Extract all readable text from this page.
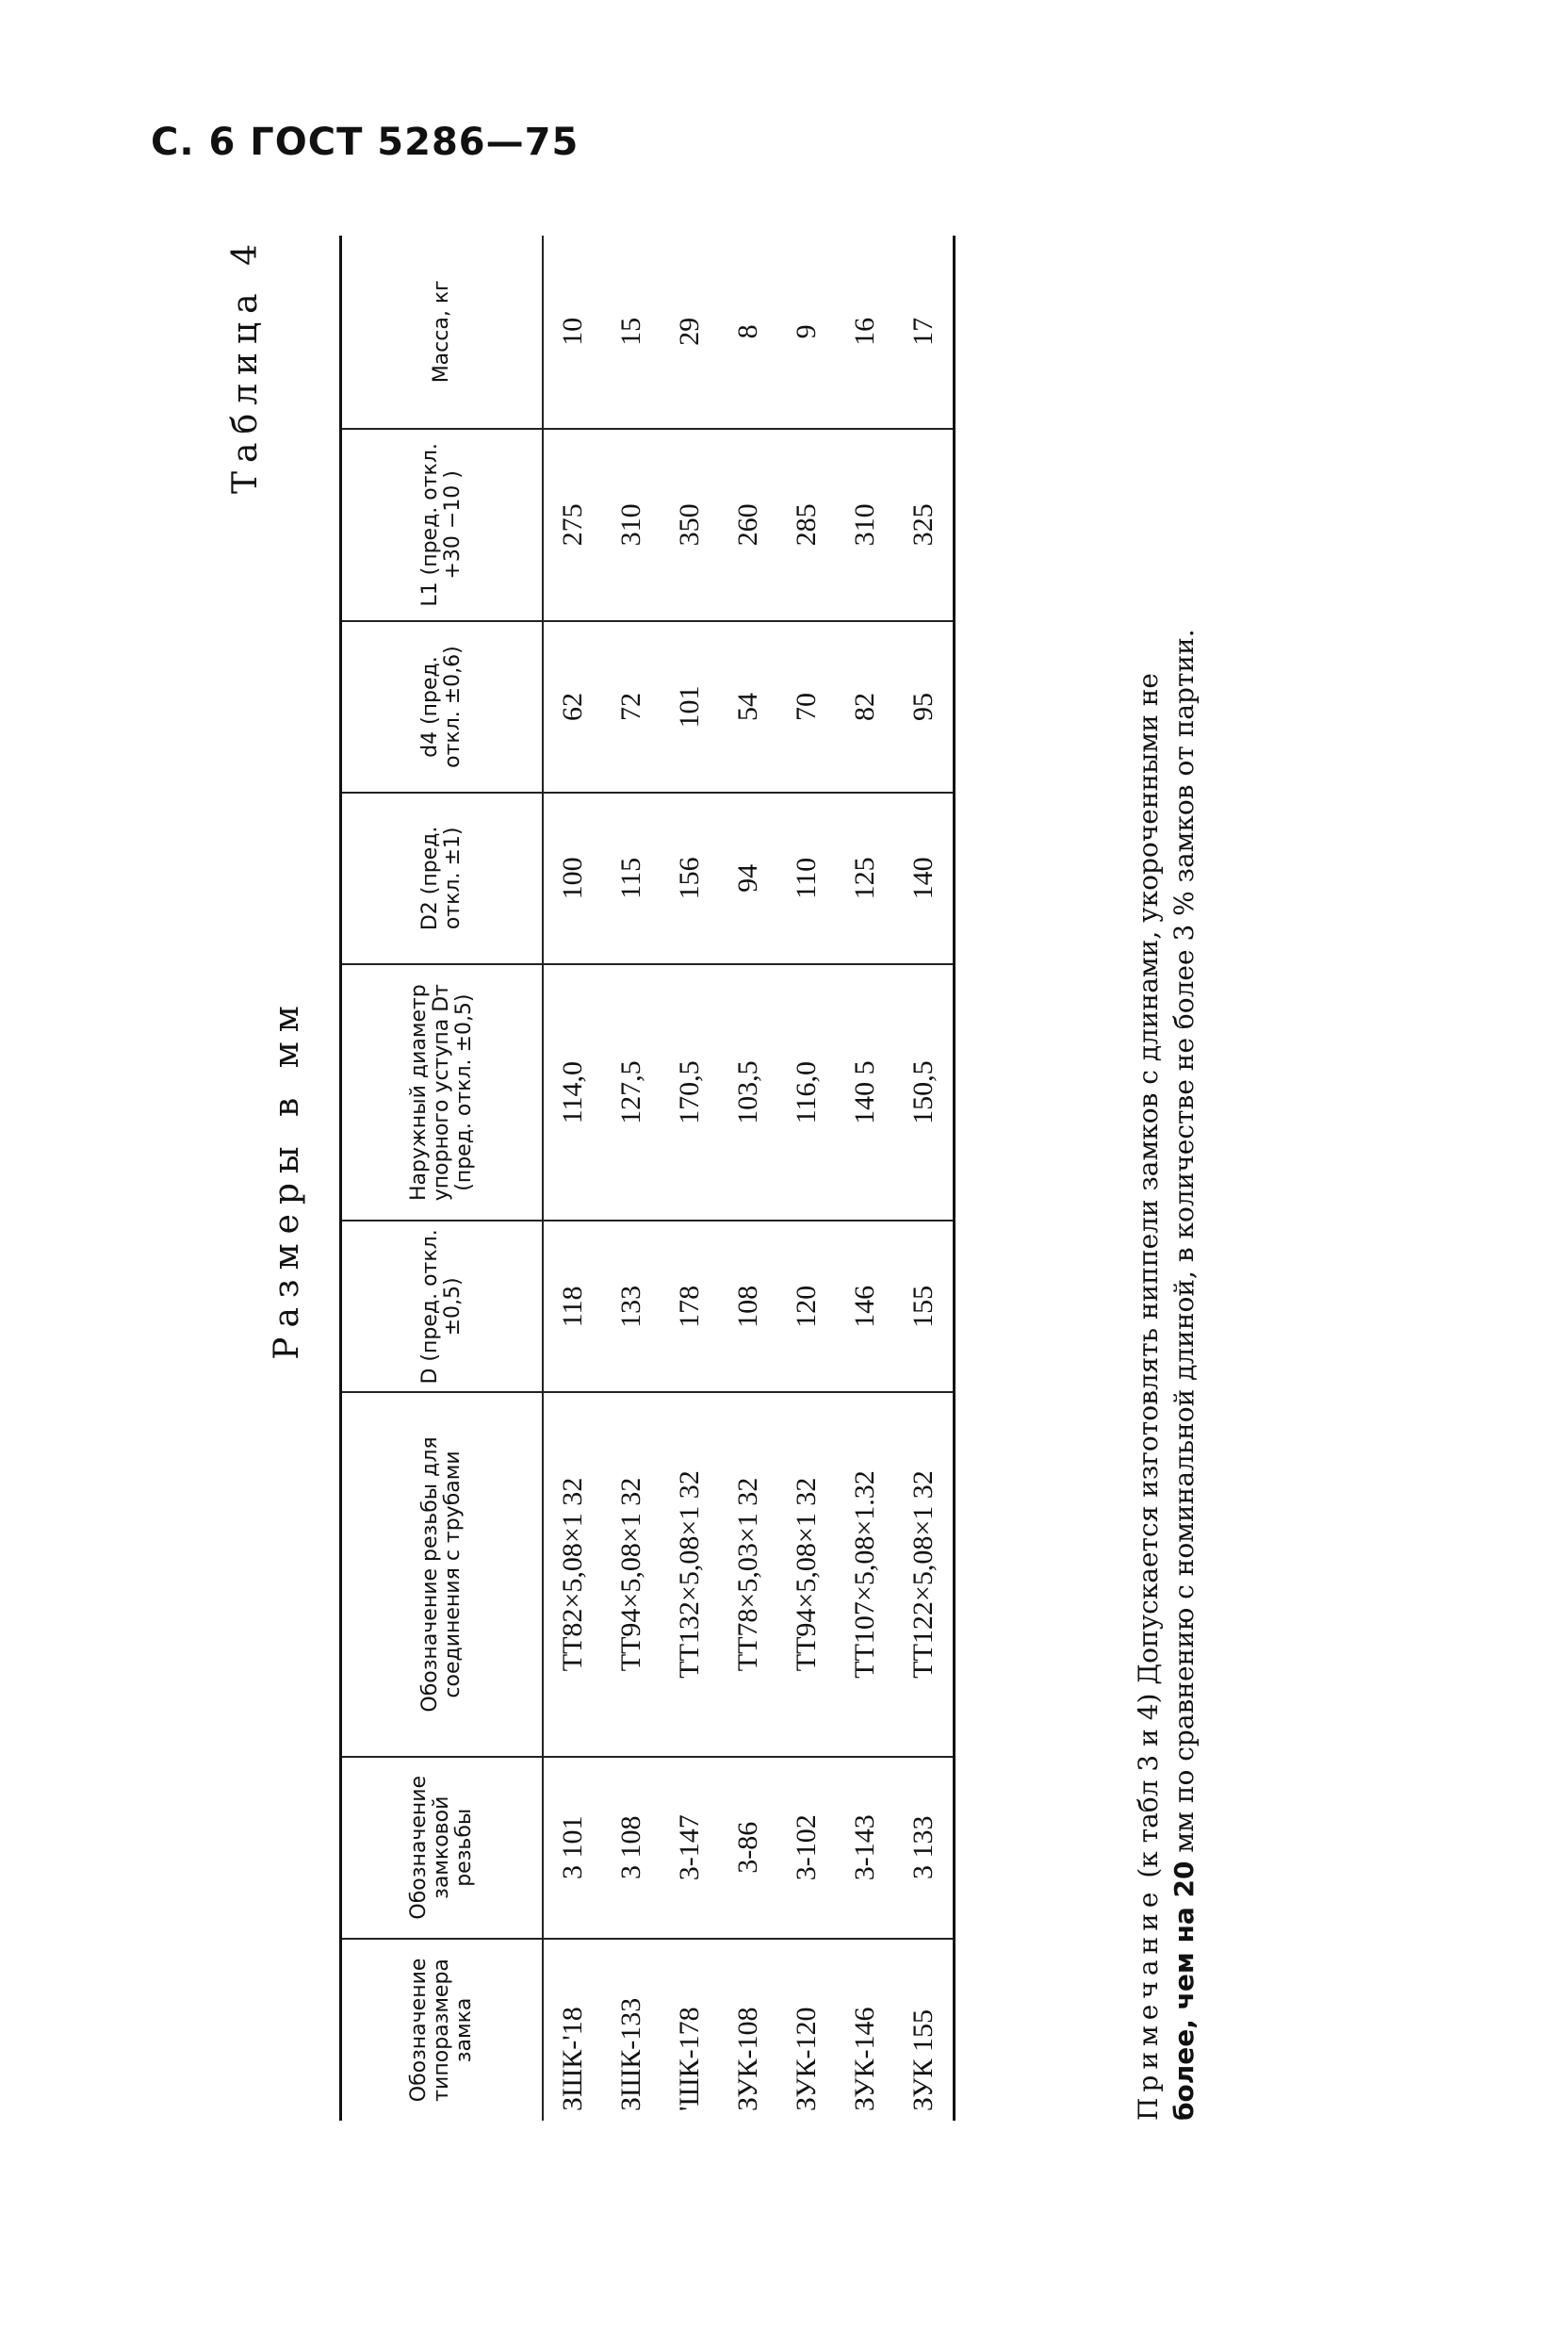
С. 6 ГОСТ 5286—75
Таблица 4
Размеры в мм
Обозначение типоразмера замка	Обозначение замковой резьбы	Обозначение резьбы для соединения с трубами	D (пред. откл. ±0,5)	Наружный диаметр упорного уступа Dт (пред. откл. ±0,5)	D2 (пред. откл. ±1)	d4 (пред. откл. ±0,6)	L1 (пред. откл. +30 −10 )	Масса, кг
ЗШК-'18	3 101	ТТ82×5,08×1 32	118	114,0	100	62	275	10
ЗШК-133	3 108	ТТ94×5,08×1 32	133	127,5	115	72	310	15
'ШК-178	3-147	ТТ132×5,08×1 32	178	170,5	156	101	350	29
ЗУК-108	3-86	ТТ78×5,03×1 32	108	103,5	94	54	260	8
ЗУК-120	3-102	ТТ94×5,08×1 32	120	116,0	110	70	285	9
ЗУК-146	3-143	ТТ107×5,08×1.32	146	140 5	125	82	310	16
ЗУК 155	3 133	ТТ122×5,08×1 32	155	150,5	140	95	325	17
Примечание (к табл 3 и 4) Допускается изготовлять ниппели замков с длинами, укороченными не
более, чем на 20 мм по сравнению с номинальной длиной, в количестве не более 3 % замков от партии.
